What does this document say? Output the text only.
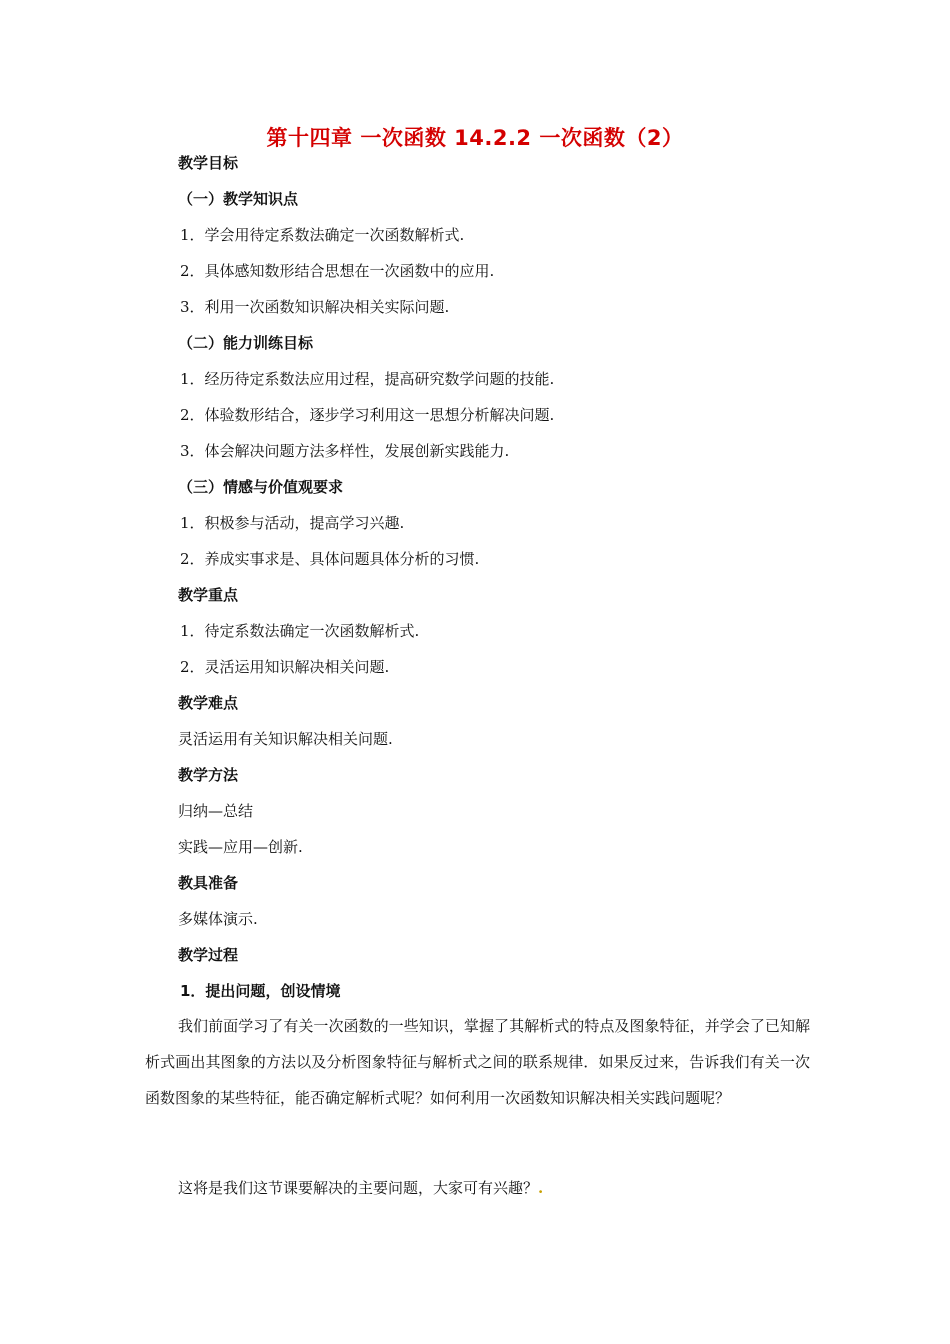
第十四章 一次函数 14.2.2 一次函数（2）
教学目标
（一）教学知识点
1．学会用待定系数法确定一次函数解析式.
2．具体感知数形结合思想在一次函数中的应用.
3．利用一次函数知识解决相关实际问题.
（二）能力训练目标
1．经历待定系数法应用过程，提高研究数学问题的技能.
2．体验数形结合，逐步学习利用这一思想分析解决问题.
3．体会解决问题方法多样性，发展创新实践能力.
（三）情感与价值观要求
1．积极参与活动，提高学习兴趣.
2．养成实事求是、具体问题具体分析的习惯.
教学重点
1．待定系数法确定一次函数解析式.
2．灵活运用知识解决相关问题.
教学难点
灵活运用有关知识解决相关问题.
教学方法
归纳—总结
实践—应用—创新.
教具准备
多媒体演示.
教学过程
1．提出问题，创设情境
我们前面学习了有关一次函数的一些知识，掌握了其解析式的特点及图象特征，并学会了已知解析式画出其图象的方法以及分析图象特征与解析式之间的联系规律．如果反过来，告诉我们有关一次函数图象的某些特征，能否确定解析式呢？如何利用一次函数知识解决相关实践问题呢？
这将是我们这节课要解决的主要问题，大家可有兴趣？.
